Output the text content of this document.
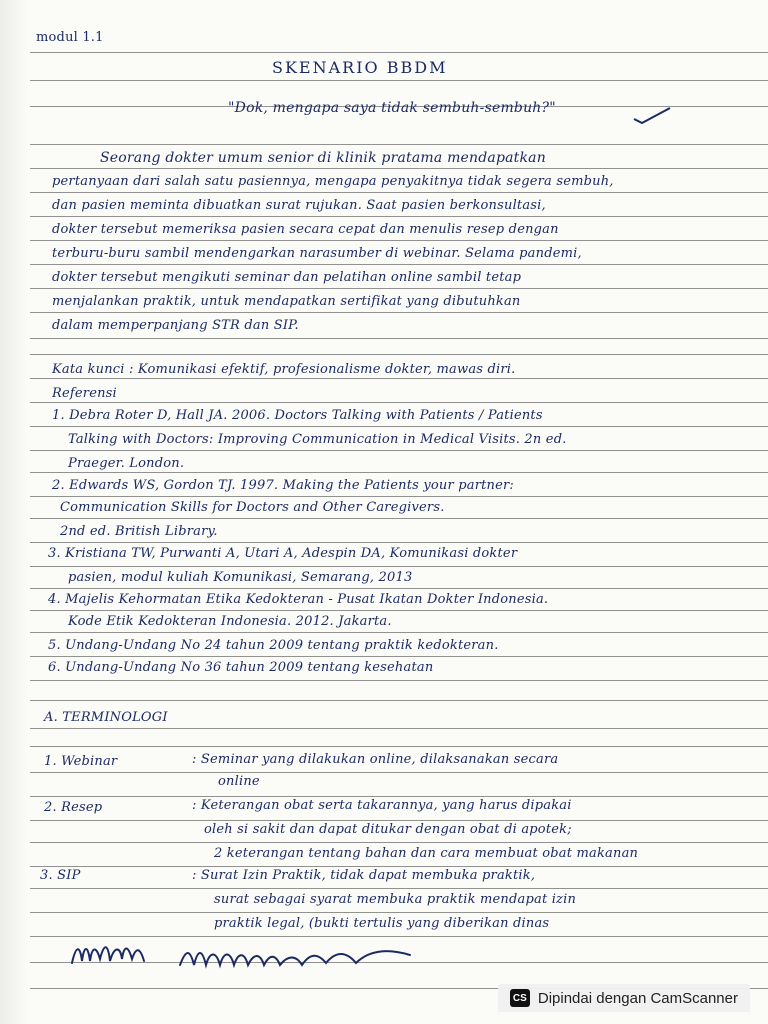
modul 1.1
SKENARIO BBDM
"Dok, mengapa saya tidak sembuh-sembuh?"
Seorang dokter umum senior di klinik pratama mendapatkan
pertanyaan dari salah satu pasiennya, mengapa penyakitnya tidak segera sembuh,
dan pasien meminta dibuatkan surat rujukan. Saat pasien berkonsultasi,
dokter tersebut memeriksa pasien secara cepat dan menulis resep dengan
terburu-buru sambil mendengarkan narasumber di webinar. Selama pandemi,
dokter tersebut mengikuti seminar dan pelatihan online sambil tetap
menjalankan praktik, untuk mendapatkan sertifikat yang dibutuhkan
dalam memperpanjang STR dan SIP.
Kata kunci : Komunikasi efektif, profesionalisme dokter, mawas diri.
Referensi
1. Debra Roter D, Hall JA. 2006. Doctors Talking with Patients / Patients
Talking with Doctors: Improving Communication in Medical Visits. 2n ed.
Praeger. London.
2. Edwards WS, Gordon TJ. 1997. Making the Patients your partner:
Communication Skills for Doctors and Other Caregivers.
2nd ed. British Library.
3. Kristiana TW, Purwanti A, Utari A, Adespin DA, Komunikasi dokter
pasien, modul kuliah Komunikasi, Semarang, 2013
4. Majelis Kehormatan Etika Kedokteran - Pusat Ikatan Dokter Indonesia.
Kode Etik Kedokteran Indonesia. 2012. Jakarta.
5. Undang-Undang No 24 tahun 2009 tentang praktik kedokteran.
6. Undang-Undang No 36 tahun 2009 tentang kesehatan
A. TERMINOLOGI
1. Webinar	: Seminar yang dilakukan online, dilaksanakan secara
online
2. Resep	: Keterangan obat serta takarannya, yang harus dipakai
oleh si sakit dan dapat ditukar dengan obat di apotek;
2 keterangan tentang bahan dan cara membuat obat makanan
3. SIP	: Surat Izin Praktik, tidak dapat membuka praktik,
surat sebagai syarat membuka praktik mendapat izin
praktik legal, (bukti tertulis yang diberikan dinas
CS Dipindai dengan CamScanner
